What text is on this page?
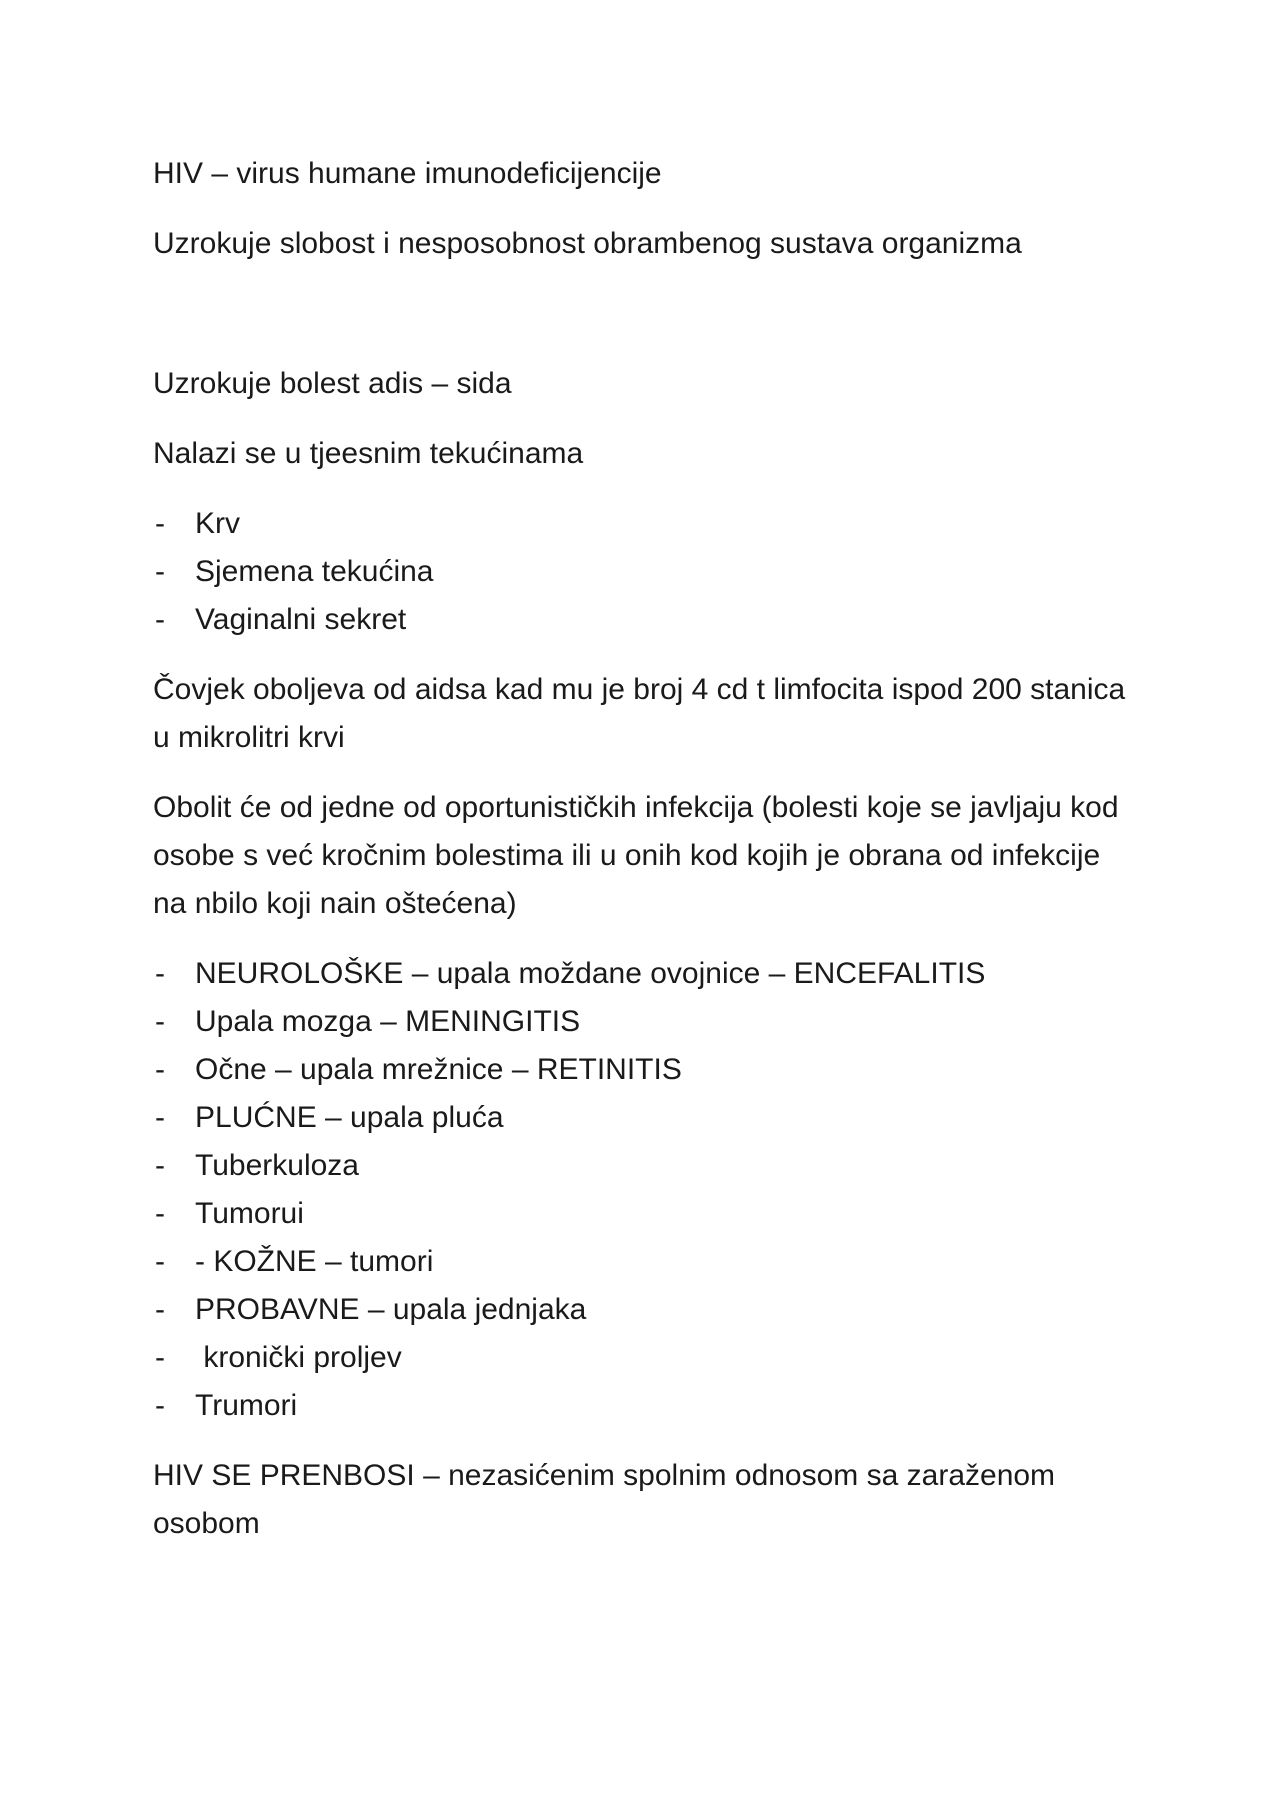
HIV – virus humane imunodeficijencije

Uzrokuje slobost i nesposobnost obrambenog sustava organizma

Uzrokuje bolest adis – sida

Nalazi se u tjeesnim tekućinama

- Krv
- Sjemena tekućina
- Vaginalni sekret

Čovjek oboljeva od aidsa kad mu je broj 4 cd t limfocita ispod 200 stanica u mikrolitri krvi

Obolit će od jedne od oportunističkih infekcija (bolesti koje se javljaju kod osobe s već kročnim bolestima ili u onih kod kojih je obrana od infekcije na nbilo koji nain oštećena)

- NEUROLOŠKE – upala moždane ovojnice – ENCEFALITIS
- Upala mozga – MENINGITIS
- Očne – upala mrežnice – RETINITIS
- PLUĆNE – upala pluća
- Tuberkuloza
- Tumorui
- - KOŽNE – tumori
- PROBAVNE – upala jednjaka
- kronički proljev
- Trumori

HIV SE PRENBOSI – nezasićenim spolnim odnosom sa zaraženom osobom
